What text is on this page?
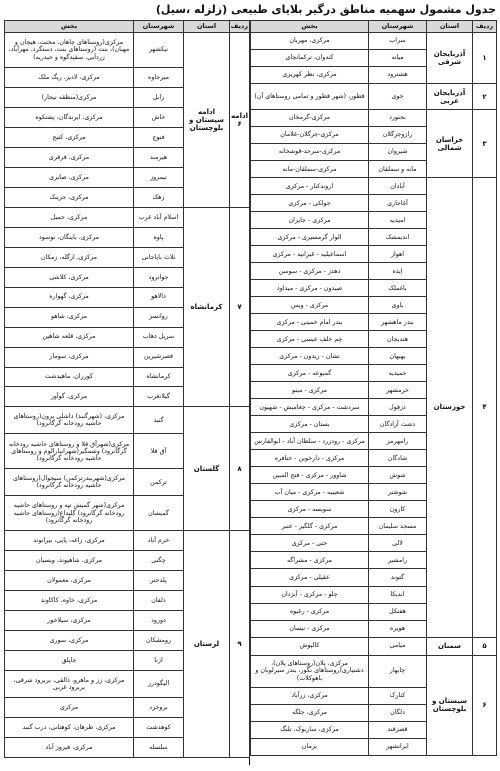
جدول مشمول سهمیه مناطق درگیر بلایای طبیعی (زلزله ،سیل)
ردیف	استان	شهرستان	بخش
۱	آذربایجان شرقی	سراب	مرکزی، مهربان
		میانه	کندوان، ترکمانچای
		هشترود	مرکزی، نظر کهریزی
۲	آذربایجان غربی	خوی	قطور، (شهر قطور و تمامی روستاهای آن)
۳	خراسان شمالی	بجنورد	مرکزی-گرمخان
		رازوجرگلان	مرکزی-جرگلان-غلامان
		شیروان	مرکزی-سرحد-قوشخانه
		مانه و سملقان	مرکزی-سملقان-مانه
۴	خوزستان	آبادان	اروندکنار - مرکزی
		آغاجاری	جولکی - مرکزی
		امیدیه	مرکزی - جایزان
		اندیمشک	الوار گرمسیری - مرکزی
		اهواز	اسماعیلیه - غیزانیه - مرکزی
		ایذه	دهدز - مرکزی - سوسن
		باغملک	صیدون - مرکزی - میداود
		باوی	مرکزی - ویس
		بندر ماهشهر	بندر امام خمینی - مرکزی
		هندیجان	چم خلف عیسی - مرکزی
		بهبهان	تشان - زیدون - مرکزی
		حمیدیه	گمبوعه - مرکزی
		خرمشهر	مرکزی - مینو
		دزفول	سردشت - مرکزی - چغامیش - شهیون
		دشت آزادگان	بستان - مرکزی
		رامهرمز	مرکزی - رودزرد - سلطان آباد - ابوالفارس
		شادگان	مرکزی - دارخوین - خنافره
		شوش	شاوور - مرکزی - فتح المبین
		شوشتر	شعیبیه - مرکزی - میان آب
		کارون	سویسه - مرکزی
		مسجد سلیمان	مرکزی - گلگیر - عنبر
		لالی	حتی - مرکزی
		رامشیر	مرکزی - مشراگه
		گتوند	عقیلی - مرکزی
		اندیکا	چلو - مرکزی - آبژدان
		هفتکل	مرکزی - رغیوه
		هویزه	مرکزی - نیسان
۵	سمنان	میامی	کالپوش
۶	سیستان و بلوچستان	چابهار	مرکزی، پلان(روستاهای پلان)، دشتیاری(روستاهای نگور، بندر سیرلوبان و باهوکلات)
		کنارک	مرکزی، زرآباد
		دلگان	مرکزی، جلگه
		قصرقند	مرکزی، ساربوک، تلنگ
		ایرانشهر	بزمان
ردیف	استان	شهرستان	بخش
ادامه ۶	ادامه سیستان و بلوچستان	نیکشهر	مرکزی(روستاهای چاهان، مختت، هیچان و مهبان)، بنت (روستاهای بنت، دستگرد، مهرآباد، زردآبی، سفیدگوه و حیدریه)
		میرجاوه	مرکزی، لادیز، ریگ ملک
		زابل	مرکزی(منطقه نیجار)
		خاش	مرکزی، ایرندگان، پشتکوه
		فنوج	مرکزی، کتیج
		هیرمند	مرکزی، قرقری
		نیمروز	مرکزی، صابری
		زهک	مرکزی، جزینک
۷	کرمانشاه	اسلام آباد غرب	مرکزی، حمیل
		پاوه	مرکزی، باینگان، نوسود
		ثلاث باباجانی	مرکزی، ازگله، زمکان
		جوانرود	مرکزی، کلاشی
		دالاهو	مرکزی، گهواره
		روانسر	مرکزی، شاهو
		سرپل ذهاب	مرکزی، قلعه شاهین
		قصرشیرین	مرکزی، سومار
		کرمانشاه	کوزران، ماهیدشت
		گیلانغرب	مرکزی، گوآور
۸	گلستان	گنبد	مرکزی، (شهرگنبد) داشلی برون(روستاهای حاشیه رودخانه گرگانرود)
		آق قلا	مرکزی(شهرآق قلا و روستاهای حاشیه رودخانه گرگانرود) وشمگیر(شهرانبارالوم و روستاهای حاشیه رودخانه گرگانرود)
		ترکمن	مرکزی(شهربندرترکمن) سیجوال(روستاهای حاشیه رودخانه گرگانرود)
		گمیشان	مرکزی(شهر گمیش تپه و روستاهای حاشیه رودخانه گرگانرود) گلیداغ(روستاهای حاشیه رودخانه گرگانرود)
۹	لرستان	خرم آباد	مرکزی، زاغه، پاپی، بیرانوند
		چگنی	مرکزی، شاهیوند، ویسیان
		پلدختر	مرکزی، معمولان
		دلفان	مرکزی، خاوه، کاکاوند
		دورود	مرکزی، سیلاخور
		رومشکان	مرکزی، سوری
		ازنا	جاپلق
		الیگودرز	مرکزی، زز و ماهرو، ذالقی، بربرود شرقی، بربرود غربی
		بروجرد	مرکزی
		کوهدشت	مرکزی، طرهان، کوهنانی، درب گنبد
		سلسله	مرکزی، فیروز آباد
